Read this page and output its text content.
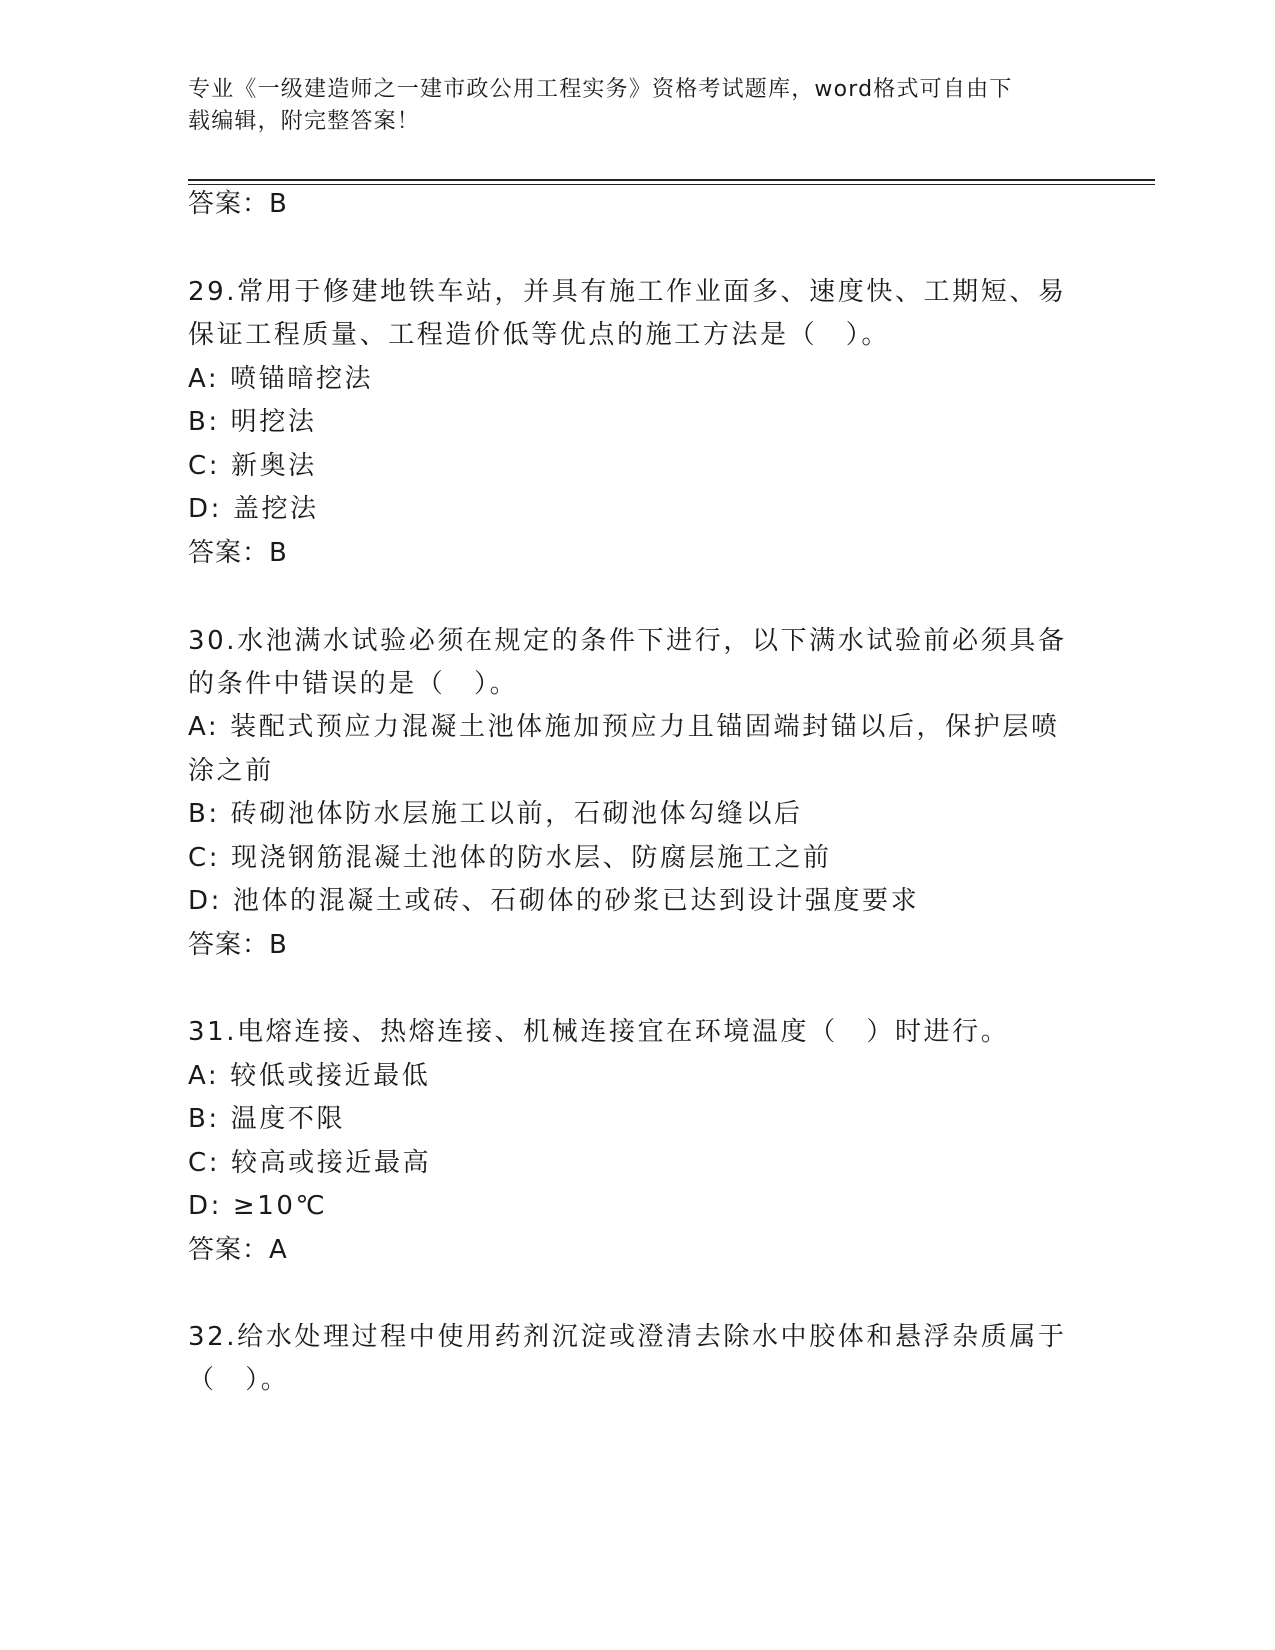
专业《一级建造师之一建市政公用工程实务》资格考试题库，word格式可自由下
载编辑，附完整答案！
答案：B
29.常用于修建地铁车站，并具有施工作业面多、速度快、工期短、易
保证工程质量、工程造价低等优点的施工方法是（　）。
A: 喷锚暗挖法
B: 明挖法
C: 新奥法
D: 盖挖法
答案：B
30.水池满水试验必须在规定的条件下进行，以下满水试验前必须具备
的条件中错误的是（　）。
A: 装配式预应力混凝土池体施加预应力且锚固端封锚以后，保护层喷
涂之前
B: 砖砌池体防水层施工以前，石砌池体勾缝以后
C: 现浇钢筋混凝土池体的防水层、防腐层施工之前
D: 池体的混凝土或砖、石砌体的砂浆已达到设计强度要求
答案：B
31.电熔连接、热熔连接、机械连接宜在环境温度（　）时进行。
A: 较低或接近最低
B: 温度不限
C: 较高或接近最高
D: ≥10℃
答案：A
32.给水处理过程中使用药剂沉淀或澄清去除水中胶体和悬浮杂质属于
（　）。
